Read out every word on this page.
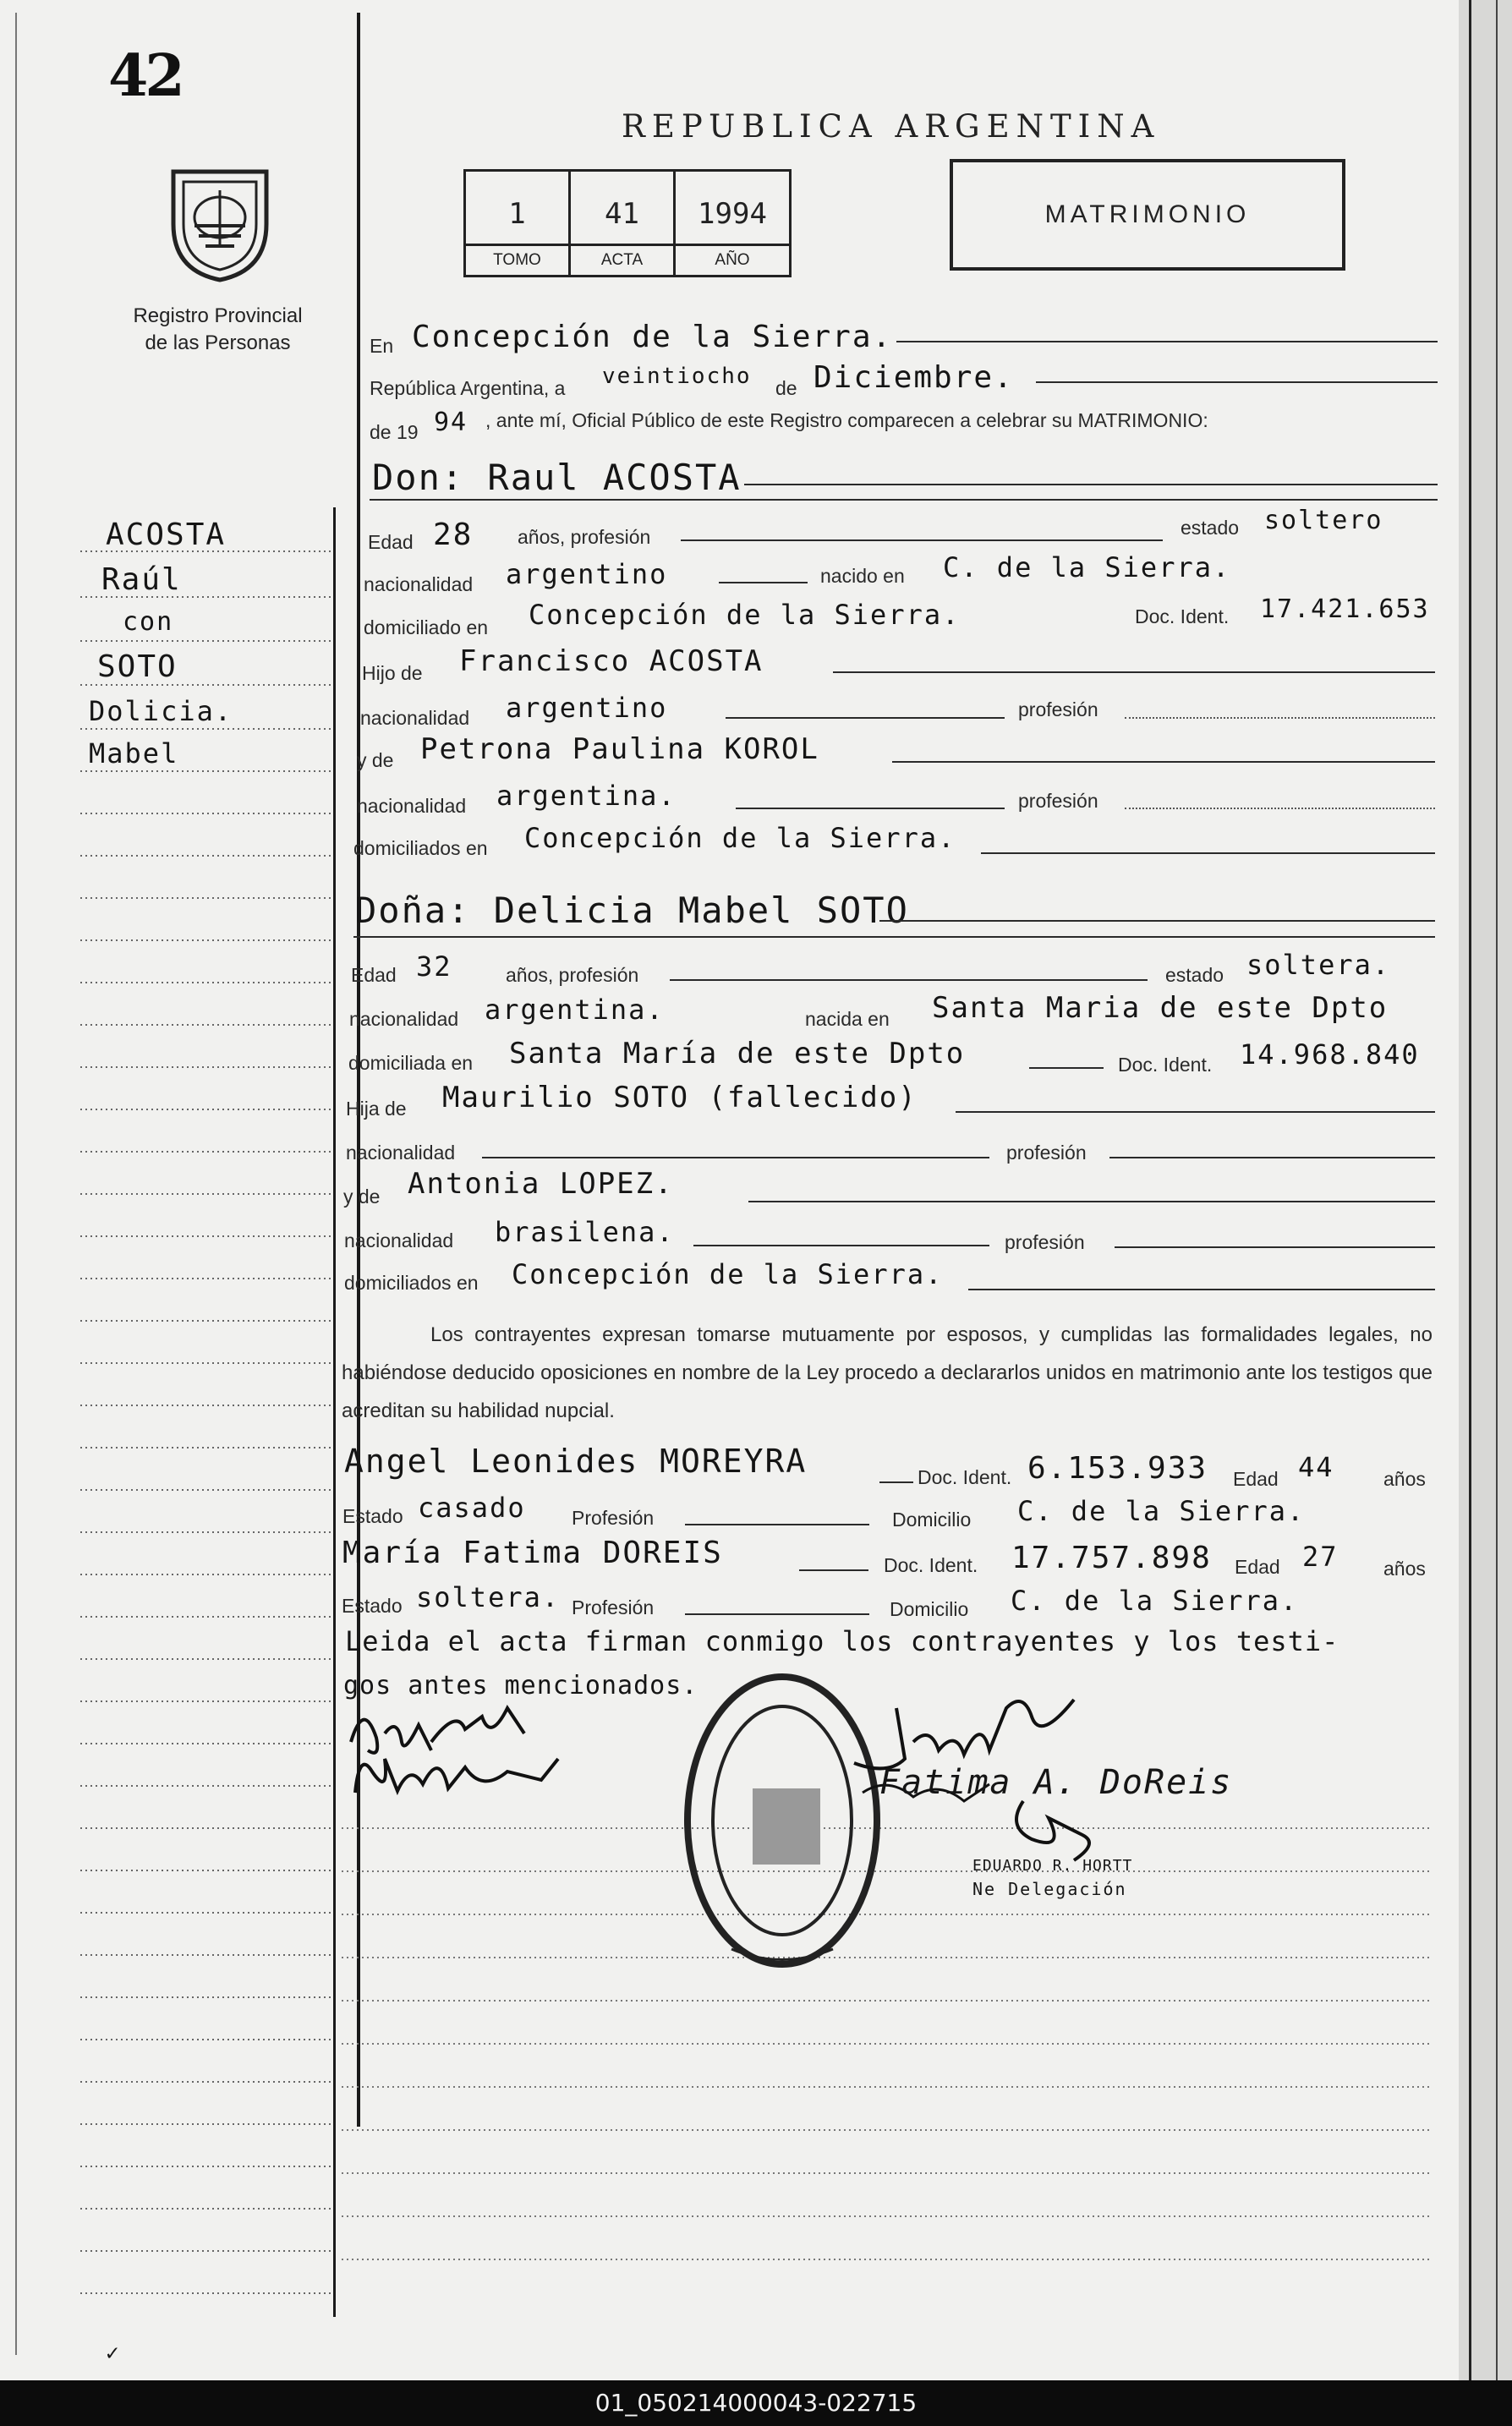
42
Registro Provincial
de las Personas
REPUBLICA ARGENTINA
1
TOMO
41
ACTA
1994
AÑO
MATRIMONIO
ACOSTA
Raúl
con
SOTO
Dolicia.
Mabel
En Concepción de la Sierra.
República Argentina, a veintiocho de Diciembre.
de 19 94 , ante mí, Oficial Público de este Registro comparecen a celebrar su MATRIMONIO:
Don: Raul ACOSTA
Edad 28 años, profesión	estado soltero
nacionalidad argentino	nacido en C. de la Sierra.
domiciliado en Concepción de la Sierra.	Doc. Ident. 17.421.653
Hijo de Francisco ACOSTA
nacionalidad argentino	profesión
y de Petrona Paulina KOROL
nacionalidad argentina.	profesión
domiciliados en Concepción de la Sierra.
Doña: Delicia Mabel SOTO
Edad 32	años, profesión	estado soltera.
nacionalidad argentina.	nacida en Santa Maria de este Dpto
domiciliada en Santa María de este Dpto	Doc. Ident. 14.968.840
Hija de Maurilio SOTO (fallecido)
nacionalidad	profesión
y de Antonia LOPEZ.
nacionalidad brasilena.	profesión
domiciliados en Concepción de la Sierra.
Los contrayentes expresan tomarse mutuamente por esposos, y cumplidas las formalidades legales, no habiéndose deducido oposiciones en nombre de la Ley procedo a declararlos unidos en matrimonio ante los testigos que acreditan su habilidad nupcial.
Angel Leonides MOREYRA	Doc. Ident. 6.153.933 Edad 44	años
Estado casado Profesión	Domicilio C. de la Sierra.
María Fatima DOREIS	Doc. Ident. 17.757.898 Edad 27 años
Estado soltera. Profesión	Domicilio C. de la Sierra.
Leida el acta firman conmigo los contrayentes y los testi-
gos antes mencionados.
Fatima A. DoReis
EDUARDO R. HORTT
Ne Delegación
✓
01_050214000043-022715
